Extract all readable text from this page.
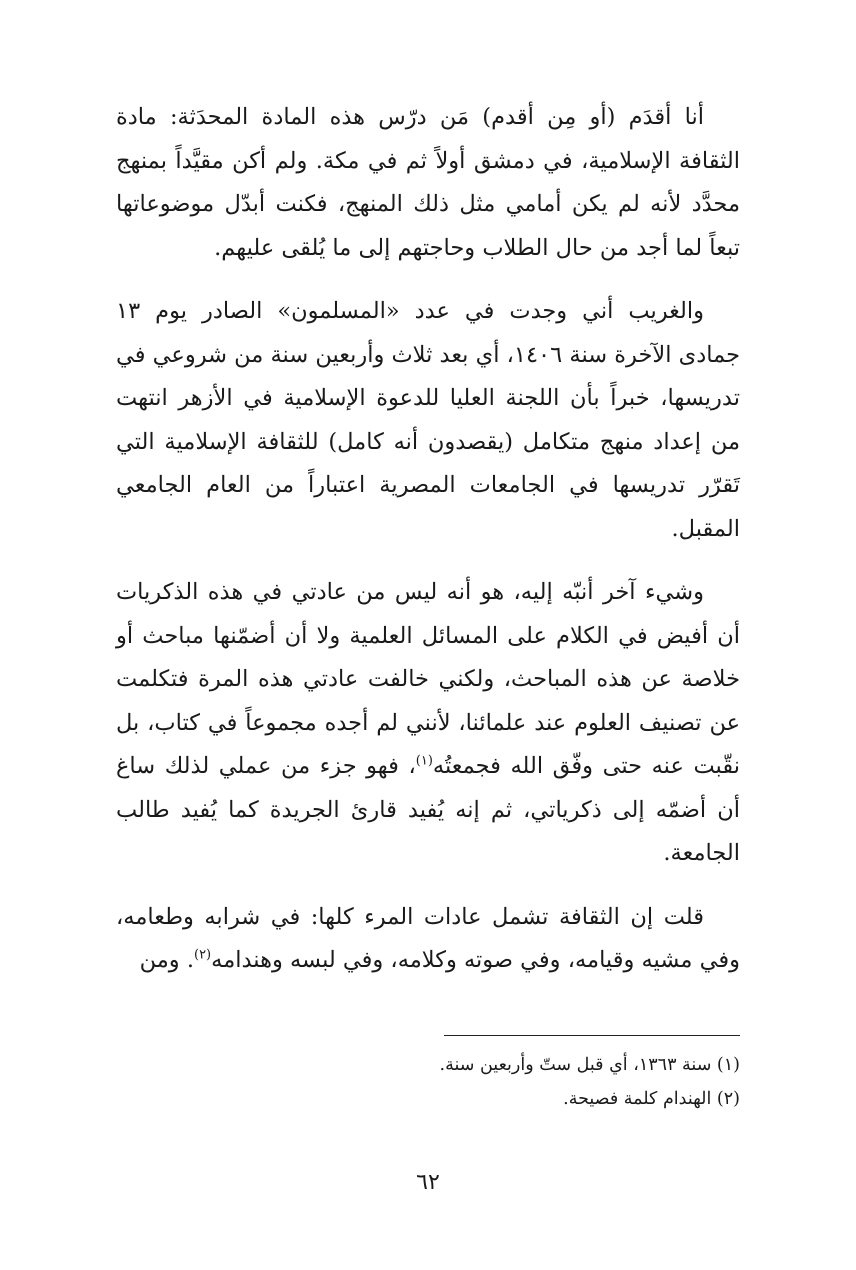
أنا أقدَم (أو مِن أقدم) مَن درّس هذه المادة المحدَثة: مادة الثقافة الإسلامية، في دمشق أولاً ثم في مكة. ولم أكن مقيَّداً بمنهج محدَّد لأنه لم يكن أمامي مثل ذلك المنهج، فكنت أبدّل موضوعاتها تبعاً لما أجد من حال الطلاب وحاجتهم إلى ما يُلقى عليهم.

والغريب أني وجدت في عدد «المسلمون» الصادر يوم ١٣ جمادى الآخرة سنة ١٤٠٦، أي بعد ثلاث وأربعين سنة من شروعي في تدريسها، خبراً بأن اللجنة العليا للدعوة الإسلامية في الأزهر انتهت من إعداد منهج متكامل (يقصدون أنه كامل) للثقافة الإسلامية التي تَقرّر تدريسها في الجامعات المصرية اعتباراً من العام الجامعي المقبل.

وشيء آخر أنبّه إليه، هو أنه ليس من عادتي في هذه الذكريات أن أفيض في الكلام على المسائل العلمية ولا أن أضمّنها مباحث أو خلاصة عن هذه المباحث، ولكني خالفت عادتي هذه المرة فتكلمت عن تصنيف العلوم عند علمائنا، لأنني لم أجده مجموعاً في كتاب، بل نقّبت عنه حتى وفّق الله فجمعتُه$^{(١)}$، فهو جزء من عملي لذلك ساغ أن أضمّه إلى ذكرياتي، ثم إنه يُفيد قارئ الجريدة كما يُفيد طالب الجامعة.

قلت إن الثقافة تشمل عادات المرء كلها: في شرابه وطعامه، وفي مشيه وقيامه، وفي صوته وكلامه، وفي لبسه وهندامه$^{(٢)}$. ومن

(١) سنة ١٣٦٣، أي قبل ستّ وأربعين سنة.

(٢) الهندام كلمة فصيحة.

٦٢
